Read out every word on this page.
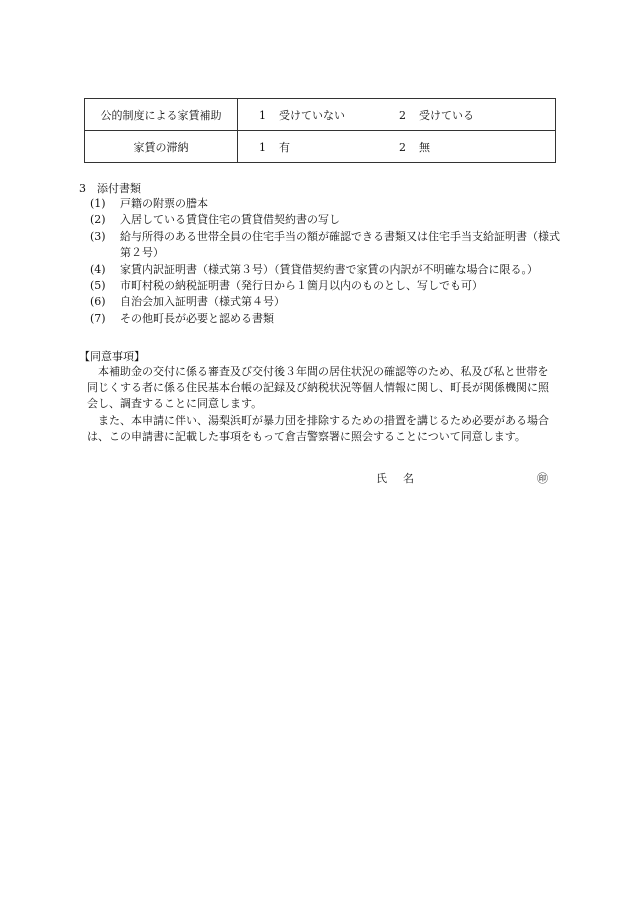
公的制度による家賃補助	1 受けていない 2 受けている

家賃の滞納	1 有 2 無
3　添付書類
(1)	戸籍の附票の謄本
(2)	入居している賃貸住宅の賃貸借契約書の写し
(3)	給与所得のある世帯全員の住宅手当の額が確認できる書類又は住宅手当支給証明書（様式第２号）
(4)	家賃内訳証明書（様式第３号）（賃貸借契約書で家賃の内訳が不明確な場合に限る。）
(5)	市町村税の納税証明書（発行日から１箇月以内のものとし、写しでも可）
(6)	自治会加入証明書（様式第４号）
(7)	その他町長が必要と認める書類
【同意事項】

本補助金の交付に係る審査及び交付後３年間の居住状況の確認等のため、私及び私と世帯を同じくする者に係る住民基本台帳の記録及び納税状況等個人情報に関し、町長が関係機関に照会し、調査することに同意します。

また、本申請に伴い、湯梨浜町が暴力団を排除するための措置を講じるため必要がある場合は、この申請書に記載した事項をもって倉吉警察署に照会することについて同意します。

氏 名	㊞
